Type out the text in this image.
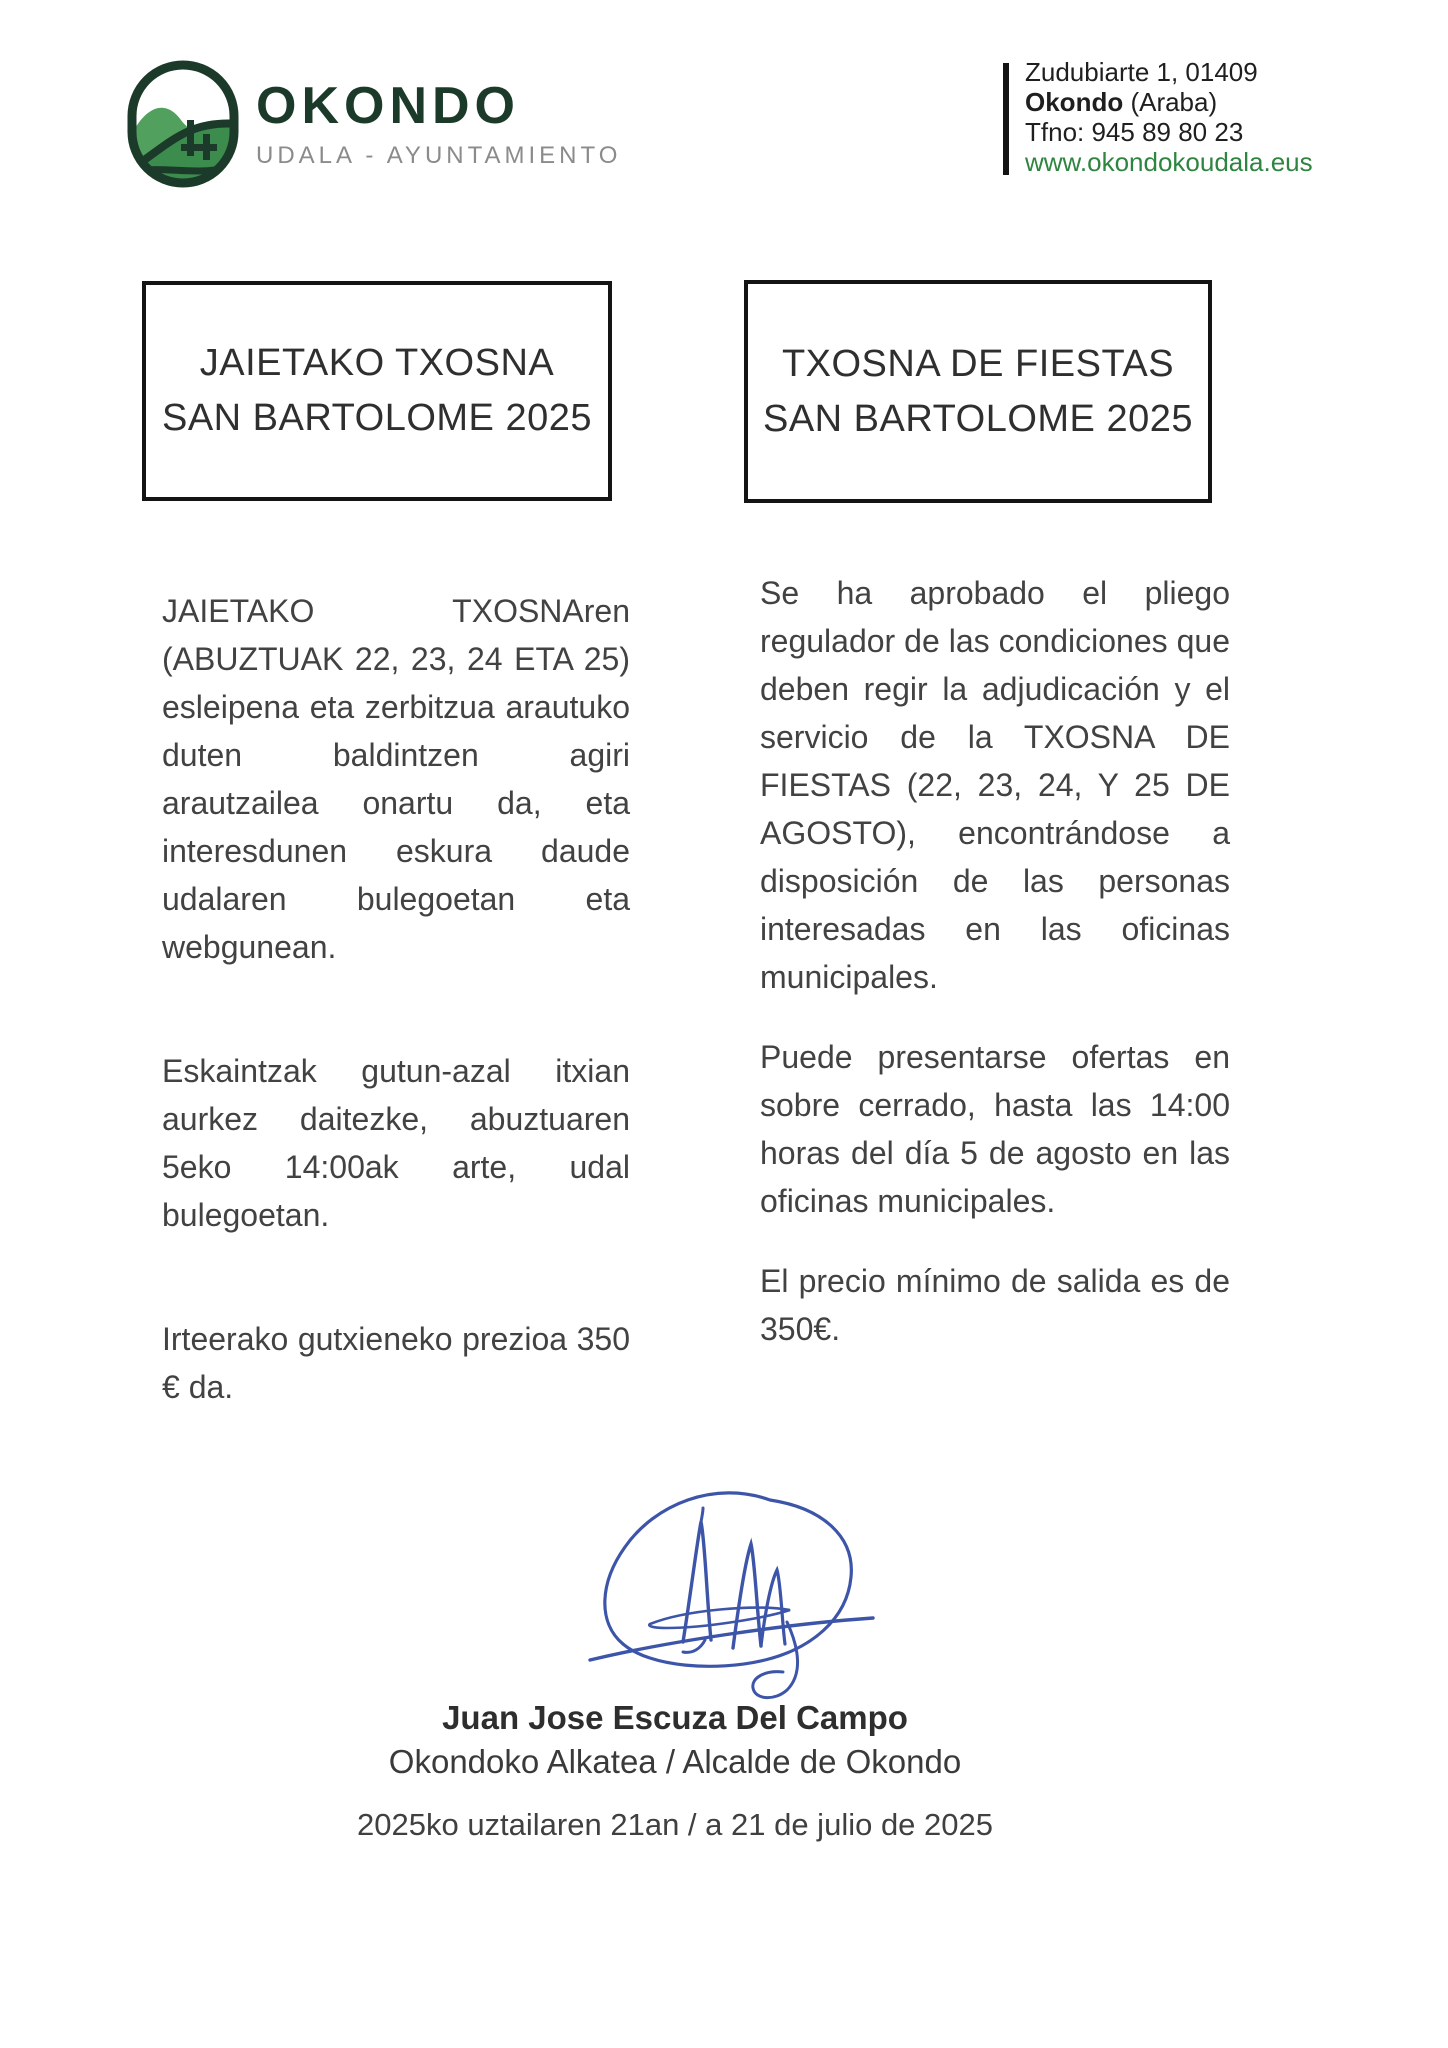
OKONDO
UDALA - AYUNTAMIENTO
Zudubiarte 1, 01409
Okondo (Araba)
Tfno: 945 89 80 23
www.okondokoudala.eus
JAIETAKO TXOSNA
SAN BARTOLOME 2025
TXOSNA DE FIESTAS
SAN BARTOLOME 2025

JAIETAKO TXOSNAren (ABUZTUAK 22, 23, 24 ETA 25) esleipena eta zerbitzua arautuko duten baldintzen agiri arautzailea onartu da, eta interesdunen eskura daude udalaren bulegoetan eta webgunean.

Eskaintzak gutun-azal itxian aurkez daitezke, abuztuaren 5eko 14:00ak arte, udal bulegoetan.

Irteerako gutxieneko prezioa 350 € da.

Se ha aprobado el pliego regulador de las condiciones que deben regir la adjudicación y el servicio de la TXOSNA DE FIESTAS (22, 23, 24, Y 25 DE AGOSTO), encontrándose a disposición de las personas interesadas en las oficinas municipales.

Puede presentarse ofertas en sobre cerrado, hasta las 14:00 horas del día 5 de agosto en las oficinas municipales.

El precio mínimo de salida es de 350€.

Juan Jose Escuza Del Campo
Okondoko Alkatea / Alcalde de Okondo
2025ko uztailaren 21an / a 21 de julio de 2025
